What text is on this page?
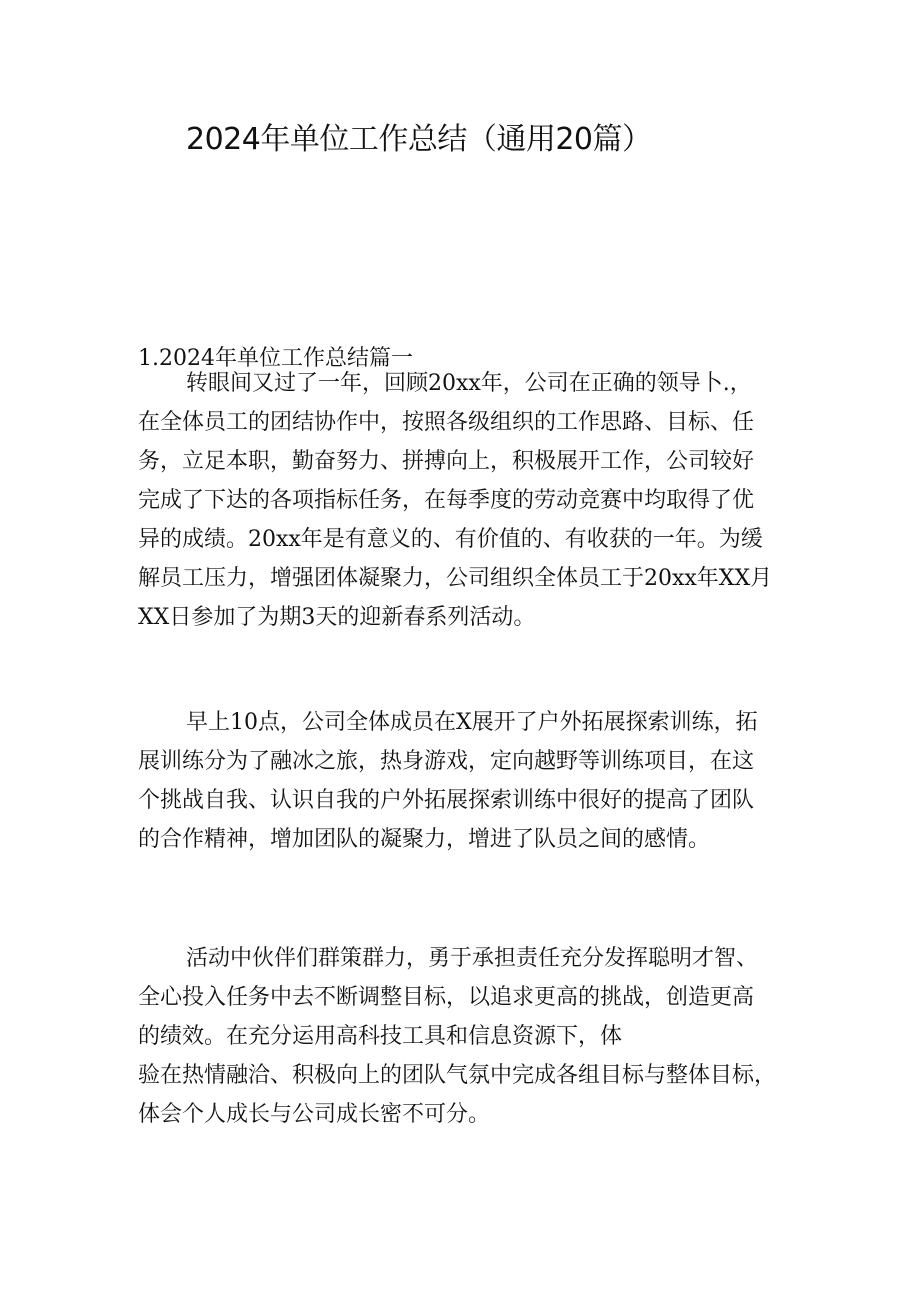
2024年单位工作总结（通用20篇）

1.2024年单位工作总结篇一

转眼间又过了一年，回顾20xx年，公司在正确的领导卜.，
在全体员工的团结协作中，按照各级组织的工作思路、目标、任
务，立足本职，勤奋努力、拼搏向上，积极展开工作，公司较好
完成了下达的各项指标任务，在每季度的劳动竞赛中均取得了优
异的成绩。20xx年是有意义的、有价值的、有收获的一年。为缓
解员工压力，增强团体凝聚力，公司组织全体员工于20xx年XX月
XX日参加了为期3天的迎新春系列活动。

早上10点，公司全体成员在X展开了户外拓展探索训练，拓
展训练分为了融冰之旅，热身游戏，定向越野等训练项目，在这
个挑战自我、认识自我的户外拓展探索训练中很好的提高了团队
的合作精神，增加团队的凝聚力，增进了队员之间的感情。

活动中伙伴们群策群力，勇于承担责任充分发挥聪明才智、
全心投入任务中去不断调整目标，以追求更高的挑战，创造更高
的绩效。在充分运用高科技工具和信息资源下，体
验在热情融洽、积极向上的团队气氛中完成各组目标与整体目标，
体会个人成长与公司成长密不可分。
